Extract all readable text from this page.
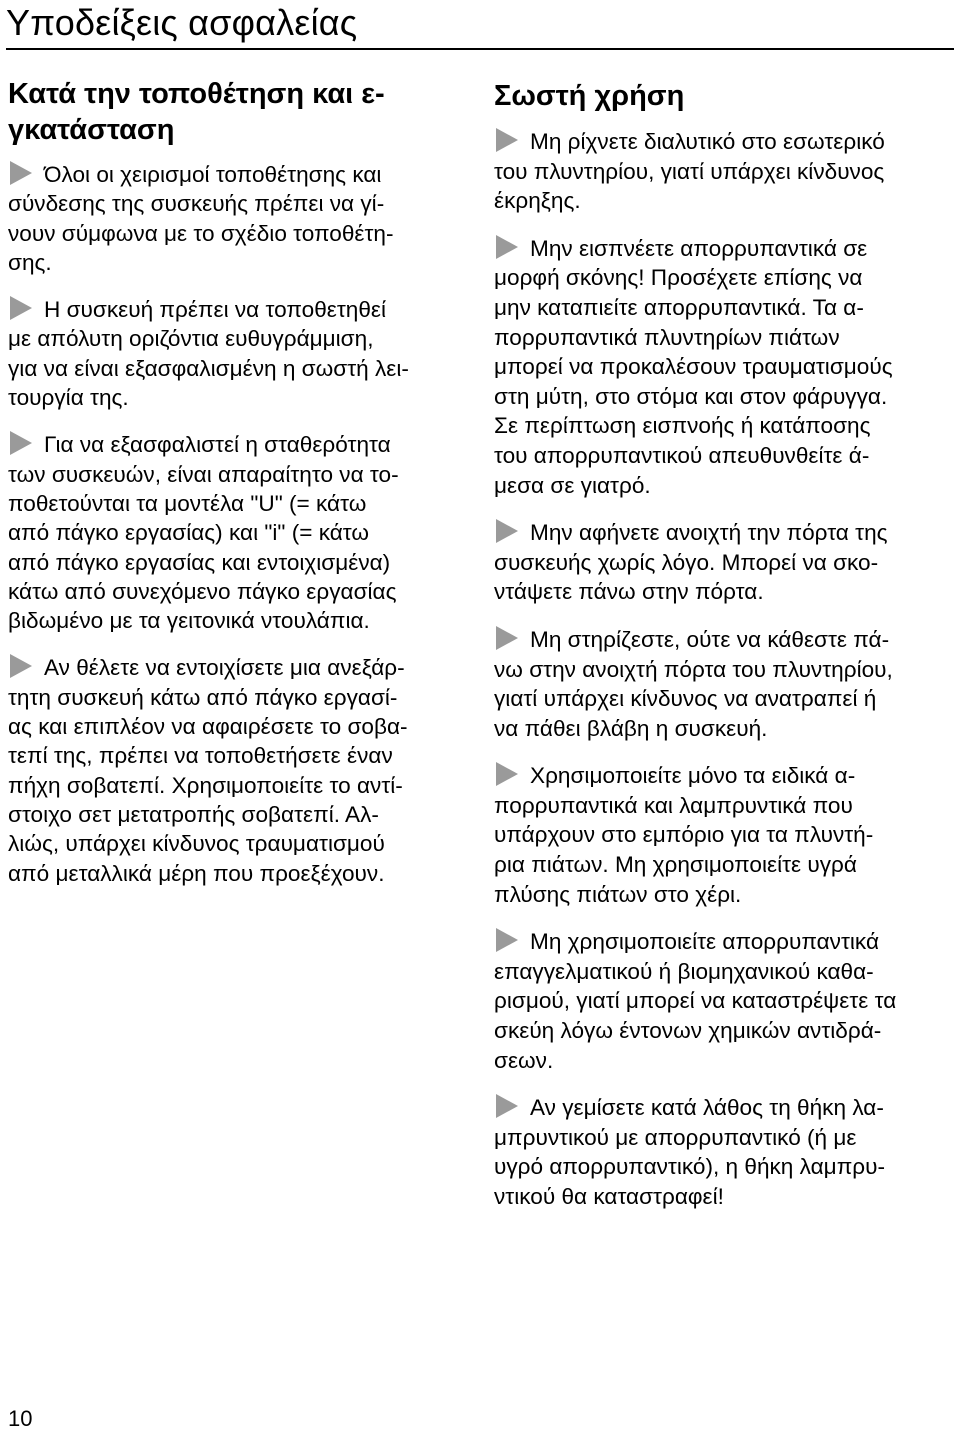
Υποδείξεις ασφαλείας
Κατά την τοποθέτηση και ε-
γκατάσταση
Όλοι οι χειρισμοί τοποθέτησης και
σύνδεσης της συσκευής πρέπει να γί-
νουν σύμφωνα με το σχέδιο τοποθέτη-
σης.
Η συσκευή πρέπει να τοποθετηθεί
με απόλυτη οριζόντια ευθυγράμμιση,
για να είναι εξασφαλισμένη η σωστή λει-
τουργία της.
Για να εξασφαλιστεί η σταθερότητα
των συσκευών, είναι απαραίτητο να το-
ποθετούνται τα μοντέλα "U" (= κάτω
από πάγκο εργασίας) και "i" (= κάτω
από πάγκο εργασίας και εντοιχισμένα)
κάτω από συνεχόμενο πάγκο εργασίας
βιδωμένο με τα γειτονικά ντουλάπια.
Αν θέλετε να εντοιχίσετε μια ανεξάρ-
τητη συσκευή κάτω από πάγκο εργασί-
ας και επιπλέον να αφαιρέσετε το σοβα-
τεπί της, πρέπει να τοποθετήσετε έναν
πήχη σοβατεπί. Χρησιμοποιείτε το αντί-
στοιχο σετ μετατροπής σοβατεπί. Αλ-
λιώς, υπάρχει κίνδυνος τραυματισμού
από μεταλλικά μέρη που προεξέχουν.
Σωστή χρήση
Μη ρίχνετε διαλυτικό στο εσωτερικό
του πλυντηρίου, γιατί υπάρχει κίνδυνος
έκρηξης.
Μην εισπνέετε απορρυπαντικά σε
μορφή σκόνης! Προσέχετε επίσης να
μην καταπιείτε απορρυπαντικά. Τα α-
πορρυπαντικά πλυντηρίων πιάτων
μπορεί να προκαλέσουν τραυματισμούς
στη μύτη, στο στόμα και στον φάρυγγα.
Σε περίπτωση εισπνοής ή κατάποσης
του απορρυπαντικού απευθυνθείτε ά-
μεσα σε γιατρό.
Μην αφήνετε ανοιχτή την πόρτα της
συσκευής χωρίς λόγο. Μπορεί να σκο-
ντάψετε πάνω στην πόρτα.
Μη στηρίζεστε, ούτε να κάθεστε πά-
νω στην ανοιχτή πόρτα του πλυντηρίου,
γιατί υπάρχει κίνδυνος να ανατραπεί ή
να πάθει βλάβη η συσκευή.
Χρησιμοποιείτε μόνο τα ειδικά α-
πορρυπαντικά και λαμπρυντικά που
υπάρχουν στο εμπόριο για τα πλυντή-
ρια πιάτων. Μη χρησιμοποιείτε υγρά
πλύσης πιάτων στο χέρι.
Μη χρησιμοποιείτε απορρυπαντικά
επαγγελματικού ή βιομηχανικού καθα-
ρισμού, γιατί μπορεί να καταστρέψετε τα
σκεύη λόγω έντονων χημικών αντιδρά-
σεων.
Αν γεμίσετε κατά λάθος τη θήκη λα-
μπρυντικού με απορρυπαντικό (ή με
υγρό απορρυπαντικό), η θήκη λαμπρυ-
ντικού θα καταστραφεί!
10
